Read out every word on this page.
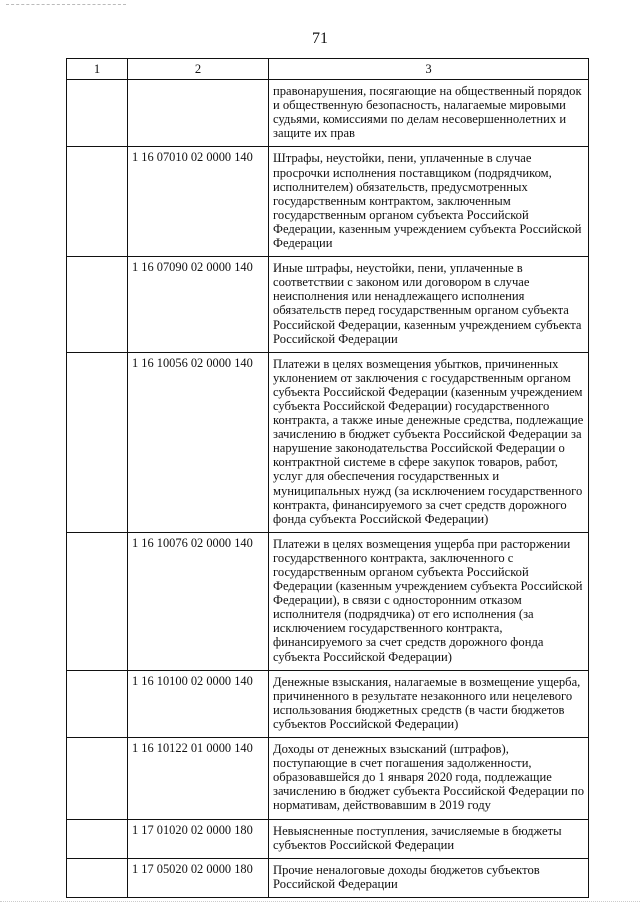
71
1	2	3
		правонарушения, посягающие на общественный порядок и общественную безопасность, налагаемые мировыми судьями, комиссиями по делам несовершеннолетних и защите их прав
	1 16 07010 02 0000 140	Штрафы, неустойки, пени, уплаченные в случае просрочки исполнения поставщиком (подрядчиком, исполнителем) обязательств, предусмотренных государственным контрактом, заключенным государственным органом субъекта Российской Федерации, казенным учреждением субъекта Российской Федерации
	1 16 07090 02 0000 140	Иные штрафы, неустойки, пени, уплаченные в соответствии с законом или договором в случае неисполнения или ненадлежащего исполнения обязательств перед государственным органом субъекта Российской Федерации, казенным учреждением субъекта Российской Федерации
	1 16 10056 02 0000 140	Платежи в целях возмещения убытков, причиненных уклонением от заключения с государственным органом субъекта Российской Федерации (казенным учреждением субъекта Российской Федерации) государственного контракта, а также иные денежные средства, подлежащие зачислению в бюджет субъекта Российской Федерации за нарушение законодательства Российской Федерации о контрактной системе в сфере закупок товаров, работ, услуг для обеспечения государственных и муниципальных нужд (за исключением государственного контракта, финансируемого за счет средств дорожного фонда субъекта Российской Федерации)
	1 16 10076 02 0000 140	Платежи в целях возмещения ущерба при расторжении государственного контракта, заключенного с государственным органом субъекта Российской Федерации (казенным учреждением субъекта Российской Федерации), в связи с односторонним отказом исполнителя (подрядчика) от его исполнения (за исключением государственного контракта, финансируемого за счет средств дорожного фонда субъекта Российской Федерации)
	1 16 10100 02 0000 140	Денежные взыскания, налагаемые в возмещение ущерба, причиненного в результате незаконного или нецелевого использования бюджетных средств (в части бюджетов субъектов Российской Федерации)
	1 16 10122 01 0000 140	Доходы от денежных взысканий (штрафов), поступающие в счет погашения задолженности, образовавшейся до 1 января 2020 года, подлежащие зачислению в бюджет субъекта Российской Федерации по нормативам, действовавшим в 2019 году
	1 17 01020 02 0000 180	Невыясненные поступления, зачисляемые в бюджеты субъектов Российской Федерации
	1 17 05020 02 0000 180	Прочие неналоговые доходы бюджетов субъектов Российской Федерации
